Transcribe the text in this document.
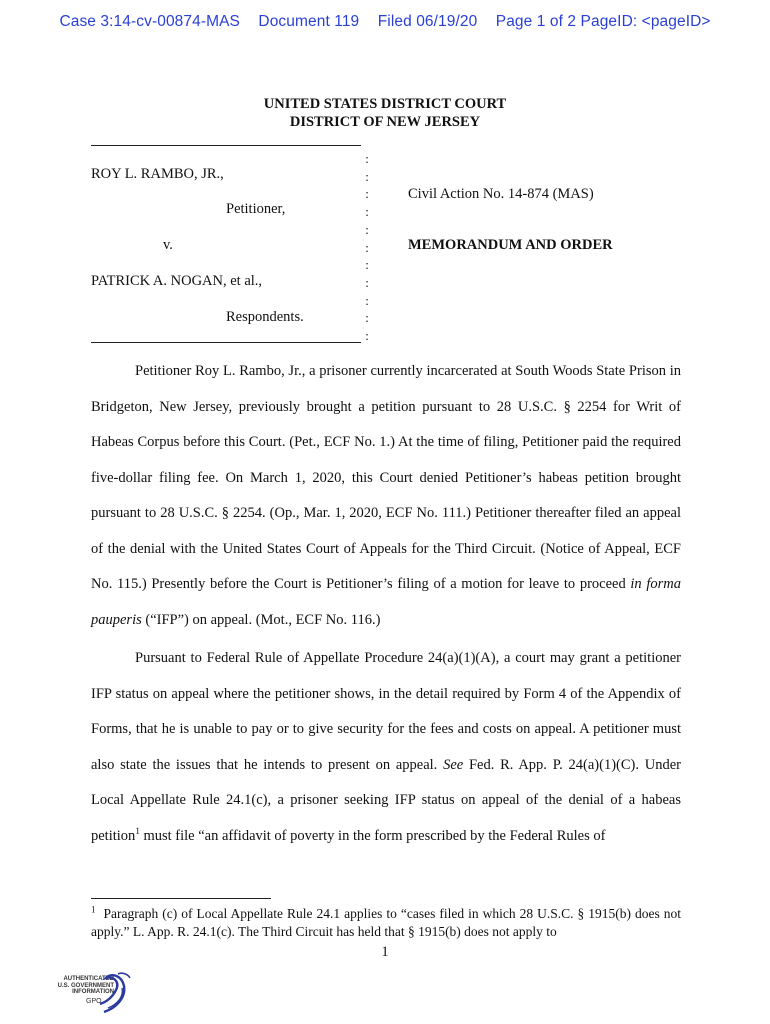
Case 3:14-cv-00874-MAS Document 119 Filed 06/19/20 Page 1 of 2 PageID: <pageID>
UNITED STATES DISTRICT COURT
DISTRICT OF NEW JERSEY
ROY L. RAMBO, JR.,
Petitioner,
v.
PATRICK A. NOGAN, et al.,
Respondents.
:
:
:
:
:
:
:
:
:
:
:
Civil Action No. 14-874 (MAS)
MEMORANDUM AND ORDER

Petitioner Roy L. Rambo, Jr., a prisoner currently incarcerated at South Woods State Prison in Bridgeton, New Jersey, previously brought a petition pursuant to 28 U.S.C. § 2254 for Writ of Habeas Corpus before this Court. (Pet., ECF No. 1.) At the time of filing, Petitioner paid the required five-dollar filing fee. On March 1, 2020, this Court denied Petitioner’s habeas petition brought pursuant to 28 U.S.C. § 2254. (Op., Mar. 1, 2020, ECF No. 111.) Petitioner thereafter filed an appeal of the denial with the United States Court of Appeals for the Third Circuit. (Notice of Appeal, ECF No. 115.) Presently before the Court is Petitioner’s filing of a motion for leave to proceed in forma pauperis (“IFP”) on appeal. (Mot., ECF No. 116.)

Pursuant to Federal Rule of Appellate Procedure 24(a)(1)(A), a court may grant a petitioner IFP status on appeal where the petitioner shows, in the detail required by Form 4 of the Appendix of Forms, that he is unable to pay or to give security for the fees and costs on appeal. A petitioner must also state the issues that he intends to present on appeal. See Fed. R. App. P. 24(a)(1)(C). Under Local Appellate Rule 24.1(c), a prisoner seeking IFP status on appeal of the denial of a habeas petition$^1$ must file “an affidavit of poverty in the form prescribed by the Federal Rules of

$^1$ Paragraph (c) of Local Appellate Rule 24.1 applies to “cases filed in which 28 U.S.C. § 1915(b) does not apply.” L. App. R. 24.1(c). The Third Circuit has held that § 1915(b) does not apply to

1
AUTHENTICATED
U.S. GOVERNMENT
INFORMATION
GPO
